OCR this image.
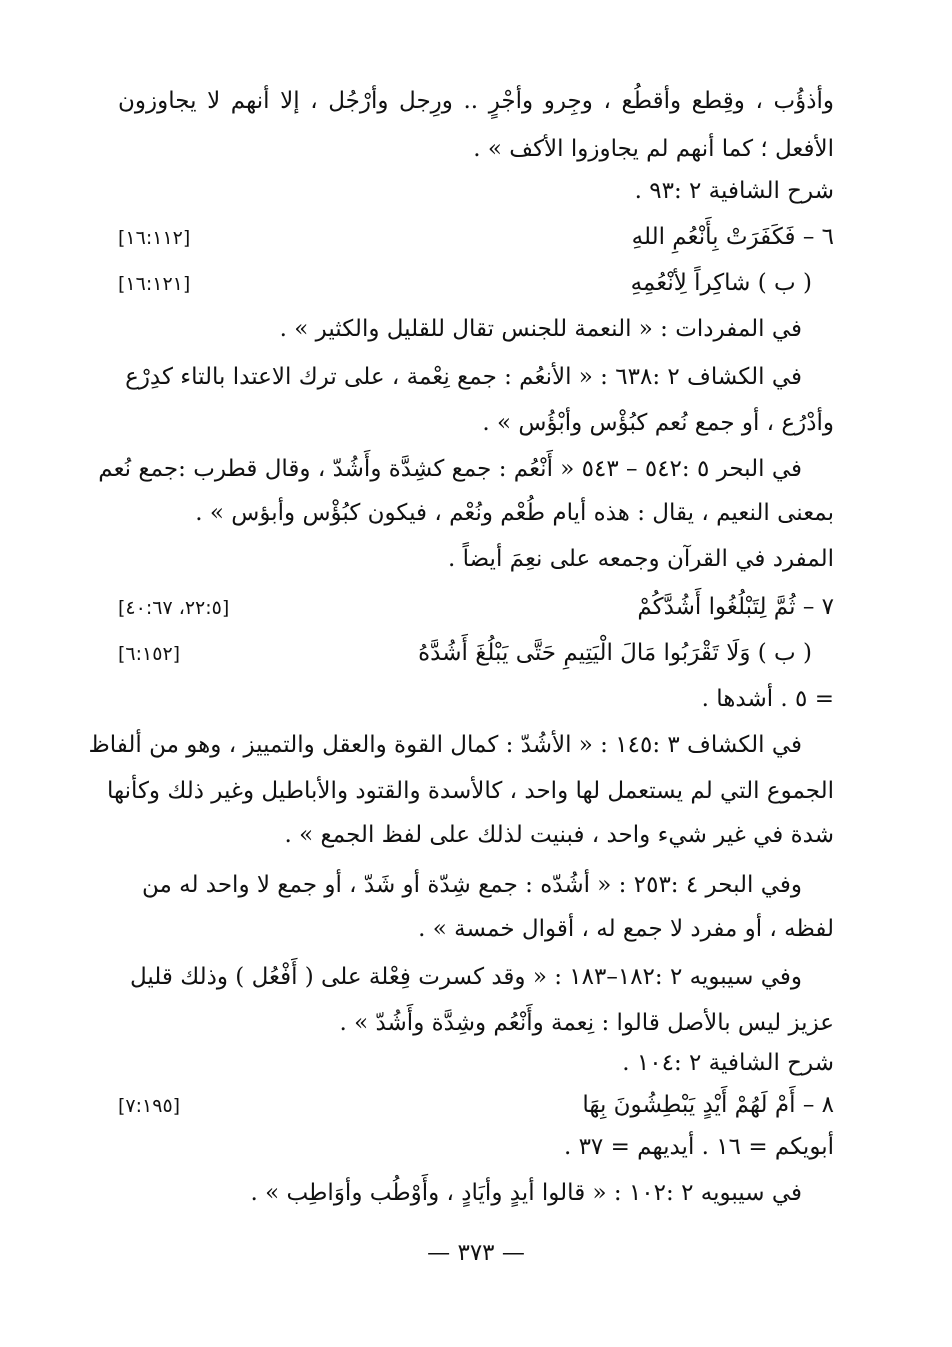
وأذؤُب ، وقِطع وأقطُع ، وجِرو وأجْرٍ .. ورِجل وأرْجُل ، إلا أنهم لا يجاوزون
الأفعل ؛ كما أنهم لم يجاوزوا الأكف » .
شرح الشافية ٢ :٩٣ .
٦ – فَكَفَرَتْ بِأَنْعُمِ اللهِ
[١٦:١١٢]
( ب ) شاكِراً لِأنْعُمِهِ
[١٦:١٢١]
في المفردات : « النعمة للجنس تقال للقليل والكثير » .
في الكشاف ٢ :٦٣٨ : « الأنعُم : جمع نِعْمة ، على ترك الاعتدا بالتاء كدِرْع
وأدْرُع ، أو جمع نُعم كبُؤْس وأبْؤُس » .
في البحر ٥ :٥٤٢ – ٥٤٣ « أَنْعُم : جمع كشِدَّة وأَشُدّ ، وقال قطرب :جمع نُعم
بمعنى النعيم ، يقال : هذه أيام طُعْم ونُعْم ، فيكون كبُؤْس وأبؤس » .
المفرد في القرآن وجمعه على نعِمَ أيضاً .
٧ – ثُمَّ لِتَبْلُغُوا أَشُدَّكُمْ
[٢٢:٥، ٤٠:٦٧]
( ب ) وَلَا تَقْرَبُوا مَالَ الْيَتِيمِ حَتَّى يَبْلُغَ أَشُدَّهُ
[٦:١٥٢]
= ٥ . أشدها .
في الكشاف ٣ :١٤٥ : « الأشُدّ : كمال القوة والعقل والتمييز ، وهو من ألفاظ
الجموع التي لم يستعمل لها واحد ، كالأسدة والقتود والأباطيل وغير ذلك وكأنها
شدة في غير شيء واحد ، فبنيت لذلك على لفظ الجمع » .
وفي البحر ٤ :٢٥٣ : « أشُدّه : جمع شِدّة أو شَدّ ، أو جمع لا واحد له من
لفظه ، أو مفرد لا جمع له ، أقوال خمسة » .
وفي سيبويه ٢ :١٨٢–١٨٣ : « وقد كسرت فِعْلة على ( أَفْعُل ) وذلك قليل
عزيز ليس بالأصل قالوا : نِعمة وأَنْعُم وشِدَّة وأَشُدّ » .
شرح الشافية ٢ :١٠٤ .
٨ – أَمْ لَهُمْ أَيْدٍ يَبْطِشُونَ بِهَا
[٧:١٩٥]
أبويكم = ١٦ . أيديهم = ٣٧ .
في سيبويه ٢ :١٠٢ : « قالوا أيدٍ وأيَادٍ ، وأَوْطُب وأوَاطِب » .
— ٣٧٣ —
